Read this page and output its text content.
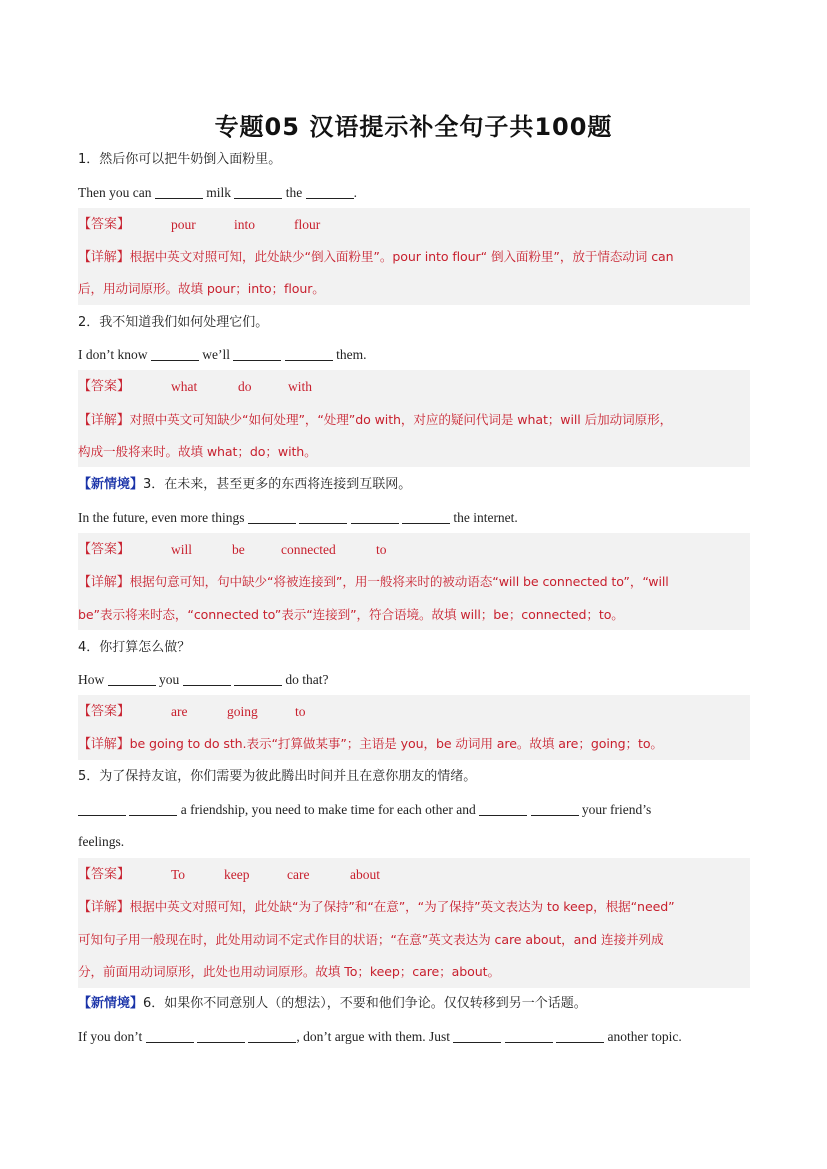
专题05 汉语提示补全句子共100题
1．然后你可以把牛奶倒入面粉里。
Then you can	milk	the	.
【答案】	pour	into	flour
【详解】根据中英文对照可知，此处缺少“倒入面粉里”。pour into flour“ 倒入面粉里”，放于情态动词 can
后，用动词原形。故填 pour；into；flour。
2．我不知道我们如何处理它们。
I don’t know	we’ll	them.
【答案】	what	do	with
【详解】对照中英文可知缺少“如何处理”，“处理”do with，对应的疑问代词是 what；will 后加动词原形，
构成一般将来时。故填 what；do；with。
【新情境】3．在未来，甚至更多的东西将连接到互联网。
In the future, even more things	the internet.
【答案】	will	be	connected	to
【详解】根据句意可知，句中缺少“将被连接到”，用一般将来时的被动语态“will be connected to”，“will
be”表示将来时态，“connected to”表示“连接到”，符合语境。故填 will；be；connected；to。
4．你打算怎么做？
How	you	do that?
【答案】	are	going	to
【详解】be going to do sth.表示“打算做某事”；主语是 you，be 动词用 are。故填 are；going；to。
5．为了保持友谊，你们需要为彼此腾出时间并且在意你朋友的情绪。
a friendship, you need to make time for each other and	your friend’s
feelings.
【答案】	To	keep	care	about
【详解】根据中英文对照可知，此处缺“为了保持”和“在意”，“为了保持”英文表达为 to keep，根据“need”
可知句子用一般现在时，此处用动词不定式作目的状语；“在意”英文表达为 care about，and 连接并列成
分，前面用动词原形，此处也用动词原形。故填 To；keep；care；about。
【新情境】6．如果你不同意别人（的想法），不要和他们争论。仅仅转移到另一个话题。
If you don’t	, don’t argue with them. Just	another topic.
